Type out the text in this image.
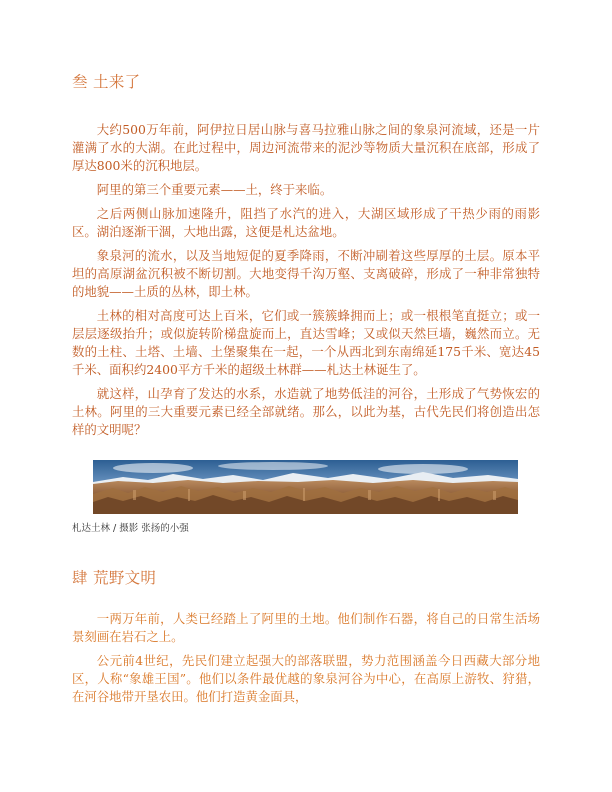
叁 土来了

大约500万年前，阿伊拉日居山脉与喜马拉雅山脉之间的象泉河流域，还是一片灌满了水的大湖。在此过程中，周边河流带来的泥沙等物质大量沉积在底部，形成了厚达800米的沉积地层。

阿里的第三个重要元素——土，终于来临。

之后两侧山脉加速隆升，阻挡了水汽的进入，大湖区域形成了干热少雨的雨影区。湖泊逐渐干涸，大地出露，这便是札达盆地。

象泉河的流水，以及当地短促的夏季降雨，不断冲刷着这些厚厚的土层。原本平坦的高原湖盆沉积被不断切割。大地变得千沟万壑、支离破碎，形成了一种非常独特的地貌——土质的丛林，即土林。

土林的相对高度可达上百米，它们或一簇簇蜂拥而上；或一根根笔直挺立；或一层层逐级抬升；或似旋转阶梯盘旋而上，直达雪峰；又或似天然巨墙，巍然而立。无数的土柱、土塔、土墙、土堡聚集在一起，一个从西北到东南绵延175千米、宽达45千米、面积约2400平方千米的超级土林群——札达土林诞生了。

就这样，山孕育了发达的水系，水造就了地势低洼的河谷，土形成了气势恢宏的土林。阿里的三大重要元素已经全部就绪。那么，以此为基，古代先民们将创造出怎样的文明呢？

札达土林 / 摄影 张扬的小强

肆 荒野文明

一两万年前，人类已经踏上了阿里的土地。他们制作石器，将自己的日常生活场景刻画在岩石之上。

公元前4世纪，先民们建立起强大的部落联盟，势力范围涵盖今日西藏大部分地区，人称“象雄王国”。他们以条件最优越的象泉河谷为中心，在高原上游牧、狩猎，在河谷地带开垦农田。他们打造黄金面具，
